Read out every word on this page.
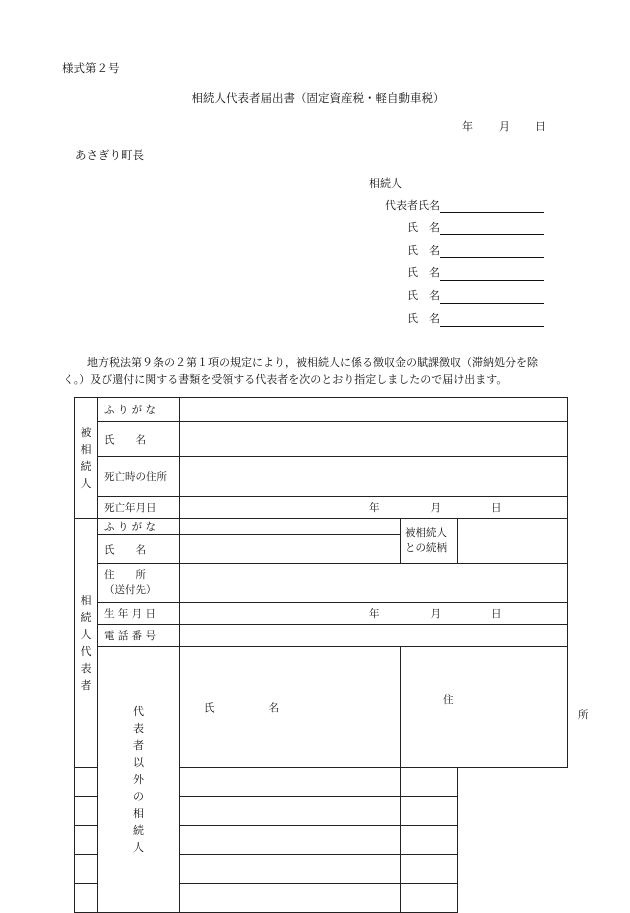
様式第２号
相続人代表者届出書（固定資産税・軽自動車税）
年 月 日
あさぎり町長
相続人
代表者氏名
氏　名
氏　名
氏　名
氏　名
氏　名

地方税法第９条の２第１項の規定により，被相続人に係る徴収金の賦課徴収（滞納処分を除

く。）及び還付に関する書類を受領する代表者を次のとおり指定しましたので届け出ます。

被相続人	ふ り が な				
	氏　　名				
	死亡時の住所				
	死亡年月日	年 月 日			

相続人代表者	ふ り が な		被相続人
との続柄		
	氏　　名				
	住　　所
（送付先）				
	生 年 月 日	年 月 日			

	電 話 番 号				
	代表者以外の相続人	氏 名	住所	
